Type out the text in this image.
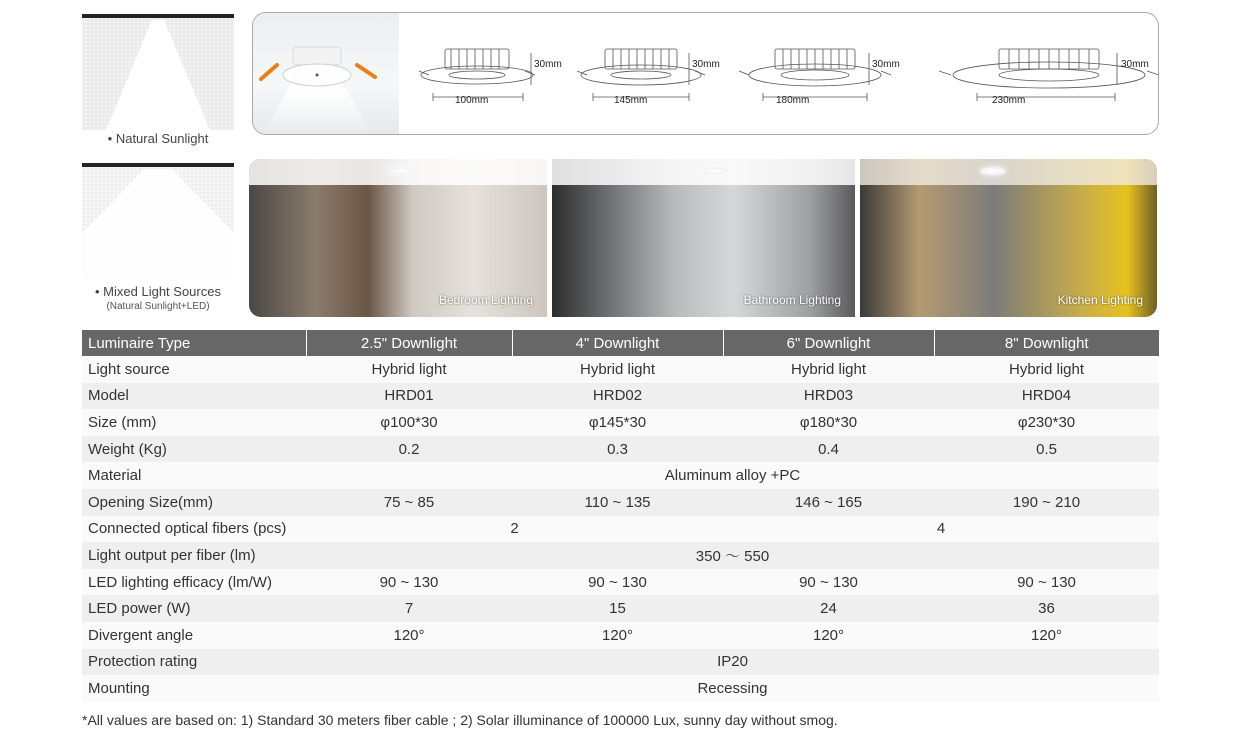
• Natural Sunlight
• Mixed Light Sources
(Natural Sunlight+LED)
30mm
100mm
30mm
145mm
30mm
180mm
30mm
230mm
Bedroom Lighting	Bathroom Lighting	Kitchen Lighting
Luminaire Type	2.5" Downlight	4" Downlight	6" Downlight	8" Downlight
Light source	Hybrid light	Hybrid light	Hybrid light	Hybrid light
Model	HRD01	HRD02	HRD03	HRD04
Size (mm)	φ100*30	φ145*30	φ180*30	φ230*30
Weight (Kg)	0.2	0.3	0.4	0.5
Material	Aluminum alloy +PC			
Opening Size(mm)	75 ~ 85	110 ~ 135	146 ~ 165	190 ~ 210
Connected optical fibers (pcs)	2		4	
Light output per fiber (lm)	350 ～ 550			
LED lighting efficacy (lm/W)	90 ~ 130	90 ~ 130	90 ~ 130	90 ~ 130
LED power (W)	7	15	24	36
Divergent angle	120°	120°	120°	120°
Protection rating	IP20			
Mounting	Recessing			
*All values are based on: 1) Standard 30 meters fiber cable ; 2) Solar illuminance of 100000 Lux, sunny day without smog.
